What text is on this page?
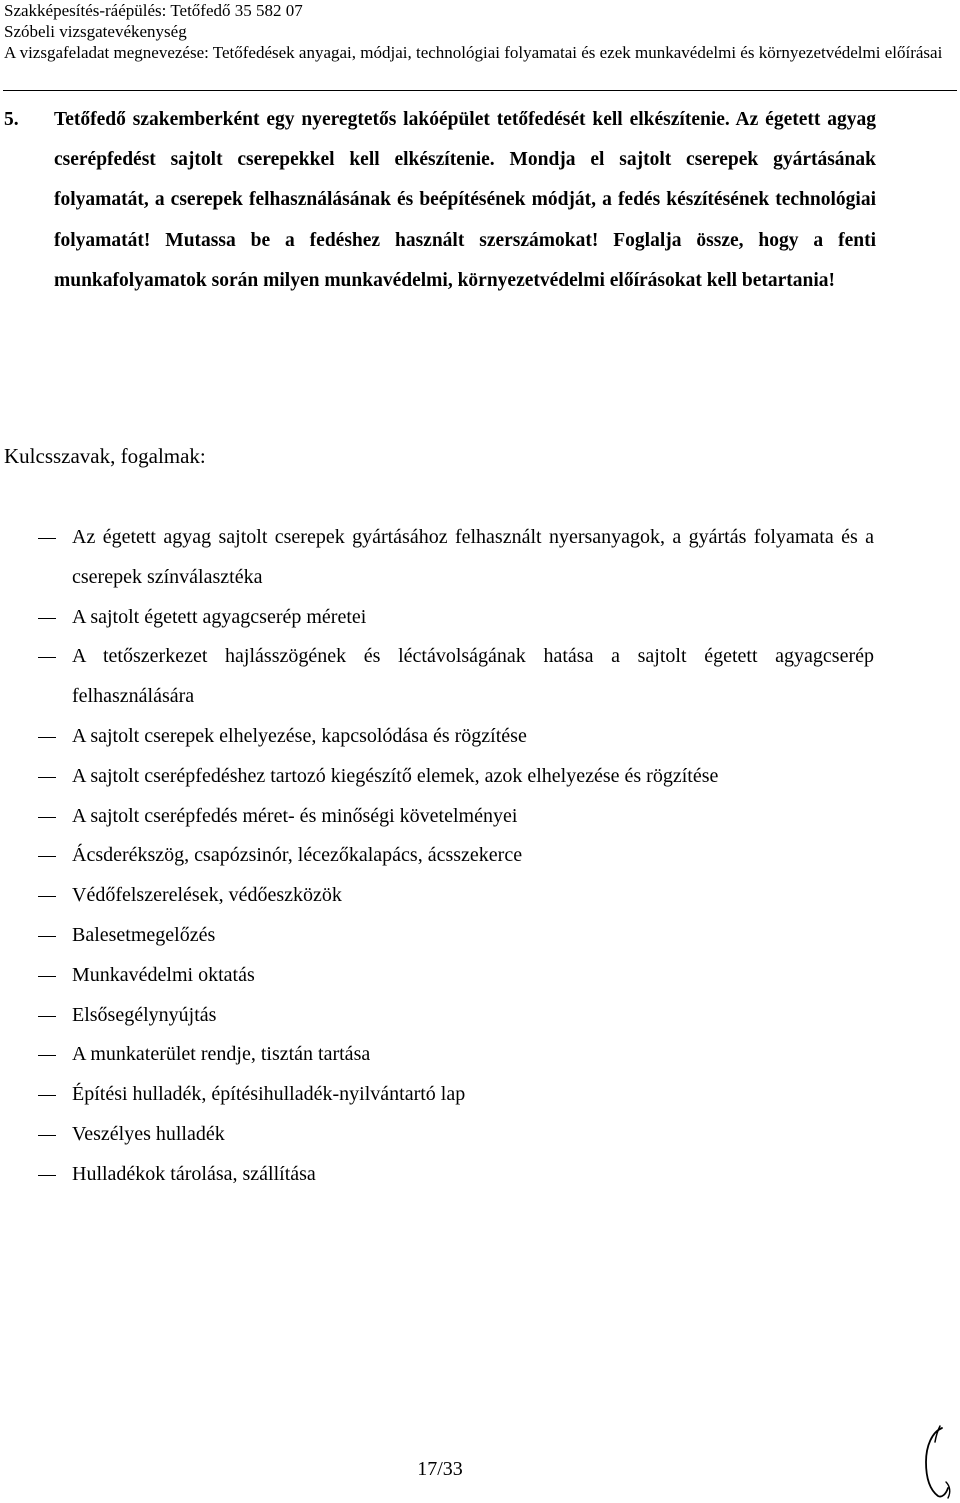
Szakképesítés-ráépülés: Tetőfedő 35 582 07
Szóbeli vizsgatevékenység
A vizsgafeladat megnevezése: Tetőfedések anyagai, módjai, technológiai folyamatai és ezek munkavédelmi és környezetvédelmi előírásai
5. Tetőfedő szakemberként egy nyeregtetős lakóépület tetőfedését kell elkészítenie. Az égetett agyag cserépfedést sajtolt cserepekkel kell elkészítenie. Mondja el sajtolt cserepek gyártásának folyamatát, a cserepek felhasználásának és beépítésének módját, a fedés készítésének technológiai folyamatát! Mutassa be a fedéshez használt szerszámokat! Foglalja össze, hogy a fenti munkafolyamatok során milyen munkavédelmi, környezetvédelmi előírásokat kell betartania!
Kulcsszavak, fogalmak:
Az égetett agyag sajtolt cserepek gyártásához felhasznált nyersanyagok, a gyártás folyamata és a cserepek színválasztéka
A sajtolt égetett agyagcserép méretei
A tetőszerkezet hajlásszögének és léctávolságának hatása a sajtolt égetett agyagcserép felhasználására
A sajtolt cserepek elhelyezése, kapcsolódása és rögzítése
A sajtolt cserépfedéshez tartozó kiegészítő elemek, azok elhelyezése és rögzítése
A sajtolt cserépfedés méret- és minőségi követelményei
Ácsderékszög, csapózsinór, lécezőkalapács, ácsszekerce
Védőfelszerelések, védőeszközök
Balesetmegelőzés
Munkavédelmi oktatás
Elsősegélynyújtás
A munkaterület rendje, tisztán tartása
Építési hulladék, építésihulladék-nyilvántartó lap
Veszélyes hulladék
Hulladékok tárolása, szállítása
17/33
